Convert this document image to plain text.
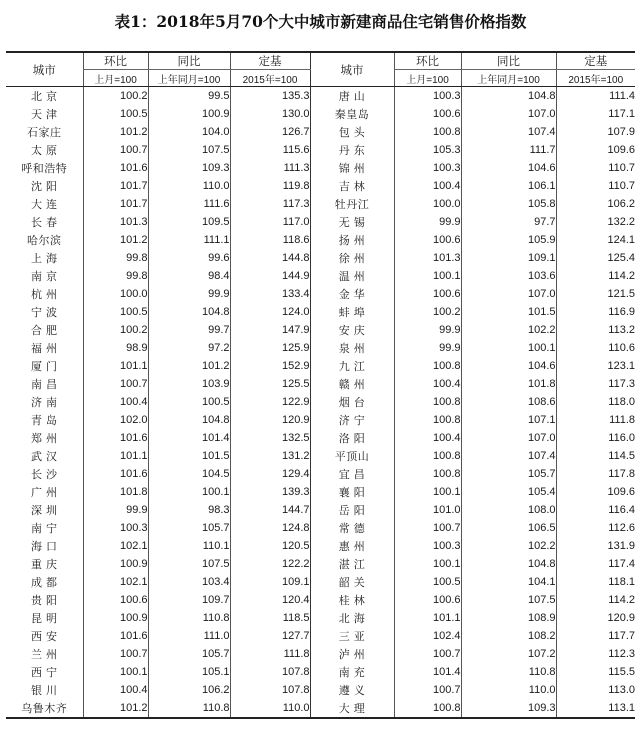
表1：2018年5月70个大中城市新建商品住宅销售价格指数
城市	环比	同比	定基	城市	环比	同比	定基
	上月=100	上年同月=100	2015年=100		上月=100	上年同月=100	2015年=100
北 京	100.2	99.5	135.3	唐 山	100.3	104.8	111.4
天 津	100.5	100.9	130.0	秦皇岛	100.6	107.0	117.1
石家庄	101.2	104.0	126.7	包 头	100.8	107.4	107.9
太 原	100.7	107.5	115.6	丹 东	105.3	111.7	109.6
呼和浩特	101.6	109.3	111.3	锦 州	100.3	104.6	110.7
沈 阳	101.7	110.0	119.8	吉 林	100.4	106.1	110.7
大 连	101.7	111.6	117.3	牡丹江	100.0	105.8	106.2
长 春	101.3	109.5	117.0	无 锡	99.9	97.7	132.2
哈尔滨	101.2	111.1	118.6	扬 州	100.6	105.9	124.1
上 海	99.8	99.6	144.8	徐 州	101.3	109.1	125.4
南 京	99.8	98.4	144.9	温 州	100.1	103.6	114.2
杭 州	100.0	99.9	133.4	金 华	100.6	107.0	121.5
宁 波	100.5	104.8	124.0	蚌 埠	100.2	101.5	116.9
合 肥	100.2	99.7	147.9	安 庆	99.9	102.2	113.2
福 州	98.9	97.2	125.9	泉 州	99.9	100.1	110.6
厦 门	101.1	101.2	152.9	九 江	100.8	104.6	123.1
南 昌	100.7	103.9	125.5	赣 州	100.4	101.8	117.3
济 南	100.4	100.5	122.9	烟 台	100.8	108.6	118.0
青 岛	102.0	104.8	120.9	济 宁	100.8	107.1	111.8
郑 州	101.6	101.4	132.5	洛 阳	100.4	107.0	116.0
武 汉	101.1	101.5	131.2	平顶山	100.8	107.4	114.5
长 沙	101.6	104.5	129.4	宜 昌	100.8	105.7	117.8
广 州	101.8	100.1	139.3	襄 阳	100.1	105.4	109.6
深 圳	99.9	98.3	144.7	岳 阳	101.0	108.0	116.4
南 宁	100.3	105.7	124.8	常 德	100.7	106.5	112.6
海 口	102.1	110.1	120.5	惠 州	100.3	102.2	131.9
重 庆	100.9	107.5	122.2	湛 江	100.1	104.8	117.4
成 都	102.1	103.4	109.1	韶 关	100.5	104.1	118.1
贵 阳	100.6	109.7	120.4	桂 林	100.6	107.5	114.2
昆 明	100.9	110.8	118.5	北 海	101.1	108.9	120.9
西 安	101.6	111.0	127.7	三 亚	102.4	108.2	117.7
兰 州	100.7	105.7	111.8	泸 州	100.7	107.2	112.3
西 宁	100.1	105.1	107.8	南 充	101.4	110.8	115.5
银 川	100.4	106.2	107.8	遵 义	100.7	110.0	113.0
乌鲁木齐	101.2	110.8	110.0	大 理	100.8	109.3	113.1
